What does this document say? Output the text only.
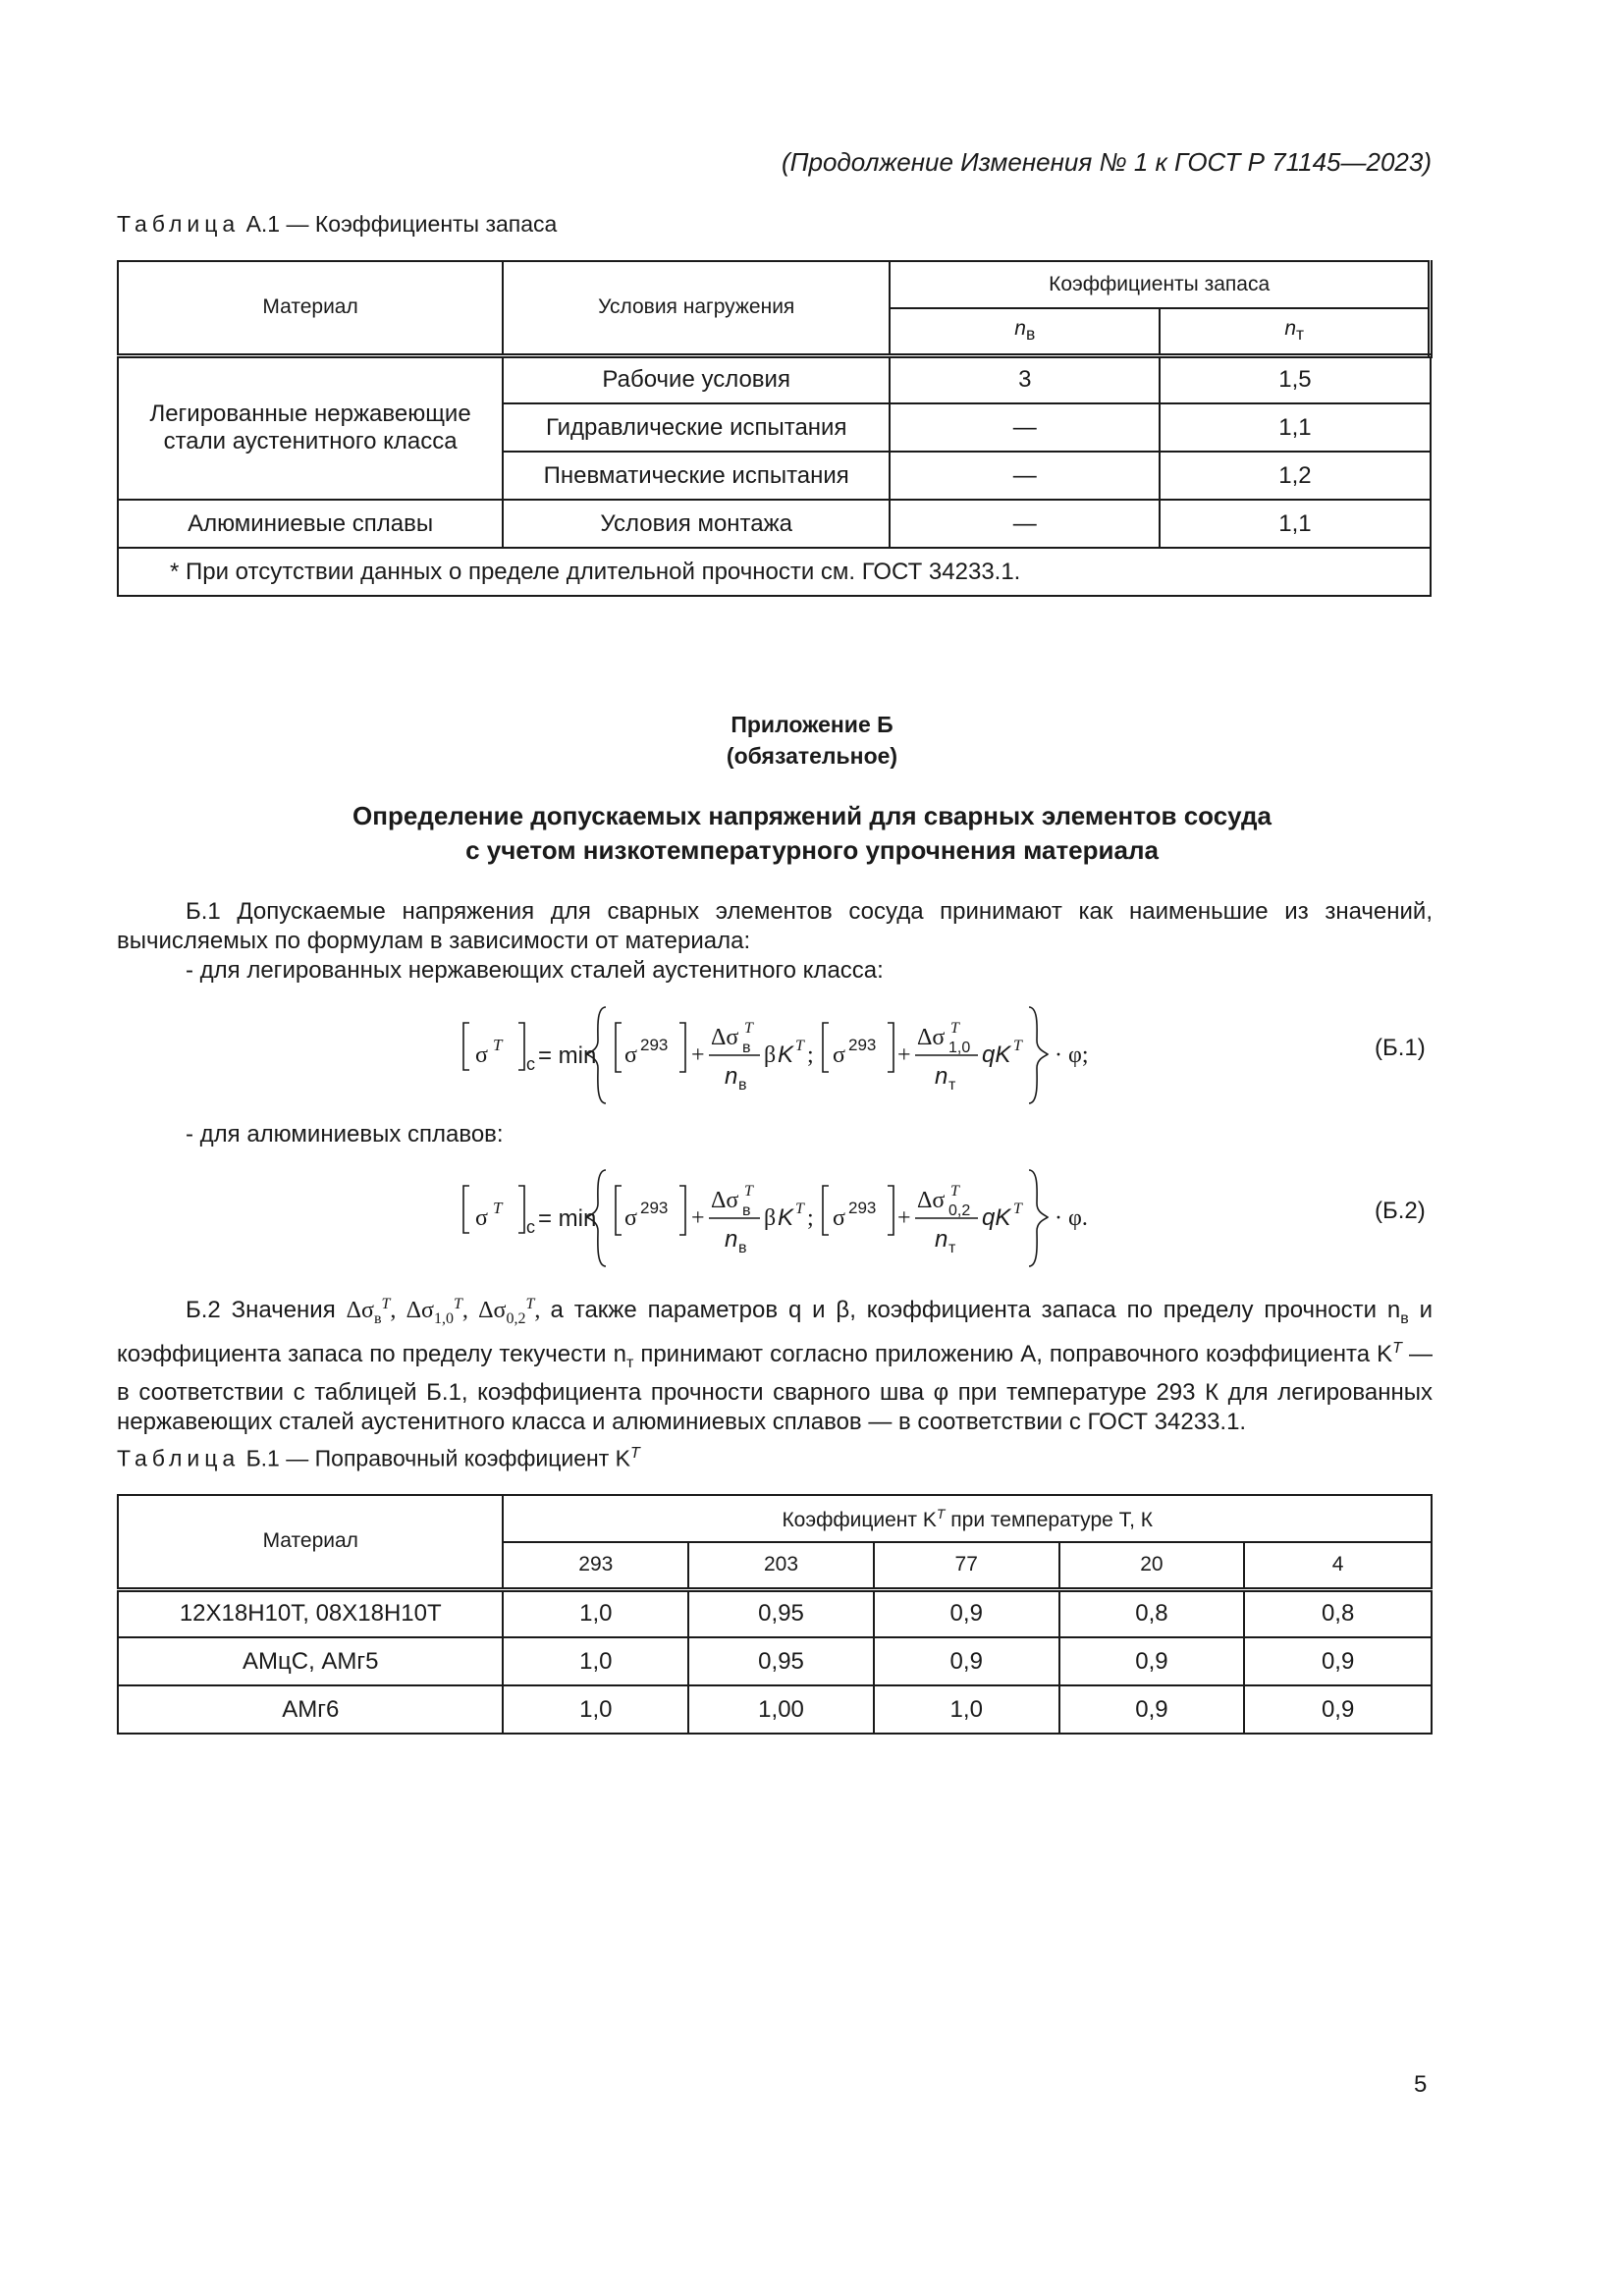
(Продолжение Изменения № 1 к ГОСТ Р 71145—2023)
Таблица А.1 — Коэффициенты запаса
Материал	Условия нагружения	Коэффициенты запаса	
		$n_в$	$n_т$
Легированные нержавеющие стали аустенитного класса	Рабочие условия	3	1,5
	Гидравлические испытания	—	1,1
	Пневматические испытания	—	1,2
Алюминиевые сплавы	Условия монтажа	—	1,1
* При отсутствии данных о пределе длительной прочности см. ГОСТ 34233.1.			
Приложение Б
(обязательное)
Определение допускаемых напряжений для сварных элементов сосуда
с учетом низкотемпературного упрочнения материала
Б.1 Допускаемые напряжения для сварных элементов сосуда принимают как наименьшие из значений, вычисляемых по формулам в зависимости от материала:
- для легированных нержавеющих сталей аустенитного класса:
σ T
с = min σ 293 +
Δσ в
T
n в
β K T ; σ 293 +
Δσ 1,0
T
n т
qK T · φ;	(Б.1)
- для алюминиевых сплавов:
σ T
с = min σ 293 +
Δσ в
T
n в
β K T ; σ 293 +
Δσ 0,2
T
n т
qK T · φ.	(Б.2)
Б.2 Значения $\Delta\sigma_в^T$, $\Delta\sigma_{1,0}^T$, $\Delta\sigma_{0,2}^T$, а также параметров q и β, коэффициента запаса по пределу прочности $n_в$ и коэффициента запаса по пределу текучести $n_т$ принимают согласно приложению А, поправочного коэффициента $K^T$ — в соответствии с таблицей Б.1, коэффициента прочности сварного шва φ при температуре 293 К для легированных нержавеющих сталей аустенитного класса и алюминиевых сплавов — в соответствии с ГОСТ 34233.1.
Таблица Б.1 — Поправочный коэффициент $K^T$
Материал	Коэффициент $K^T$ при температуре T, К				
	293	203	77	20	4
12Х18Н10Т, 08Х18Н10Т	1,0	0,95	0,9	0,8	0,8
АМцС, АМг5	1,0	0,95	0,9	0,9	0,9
АМг6	1,0	1,00	1,0	0,9	0,9
5
